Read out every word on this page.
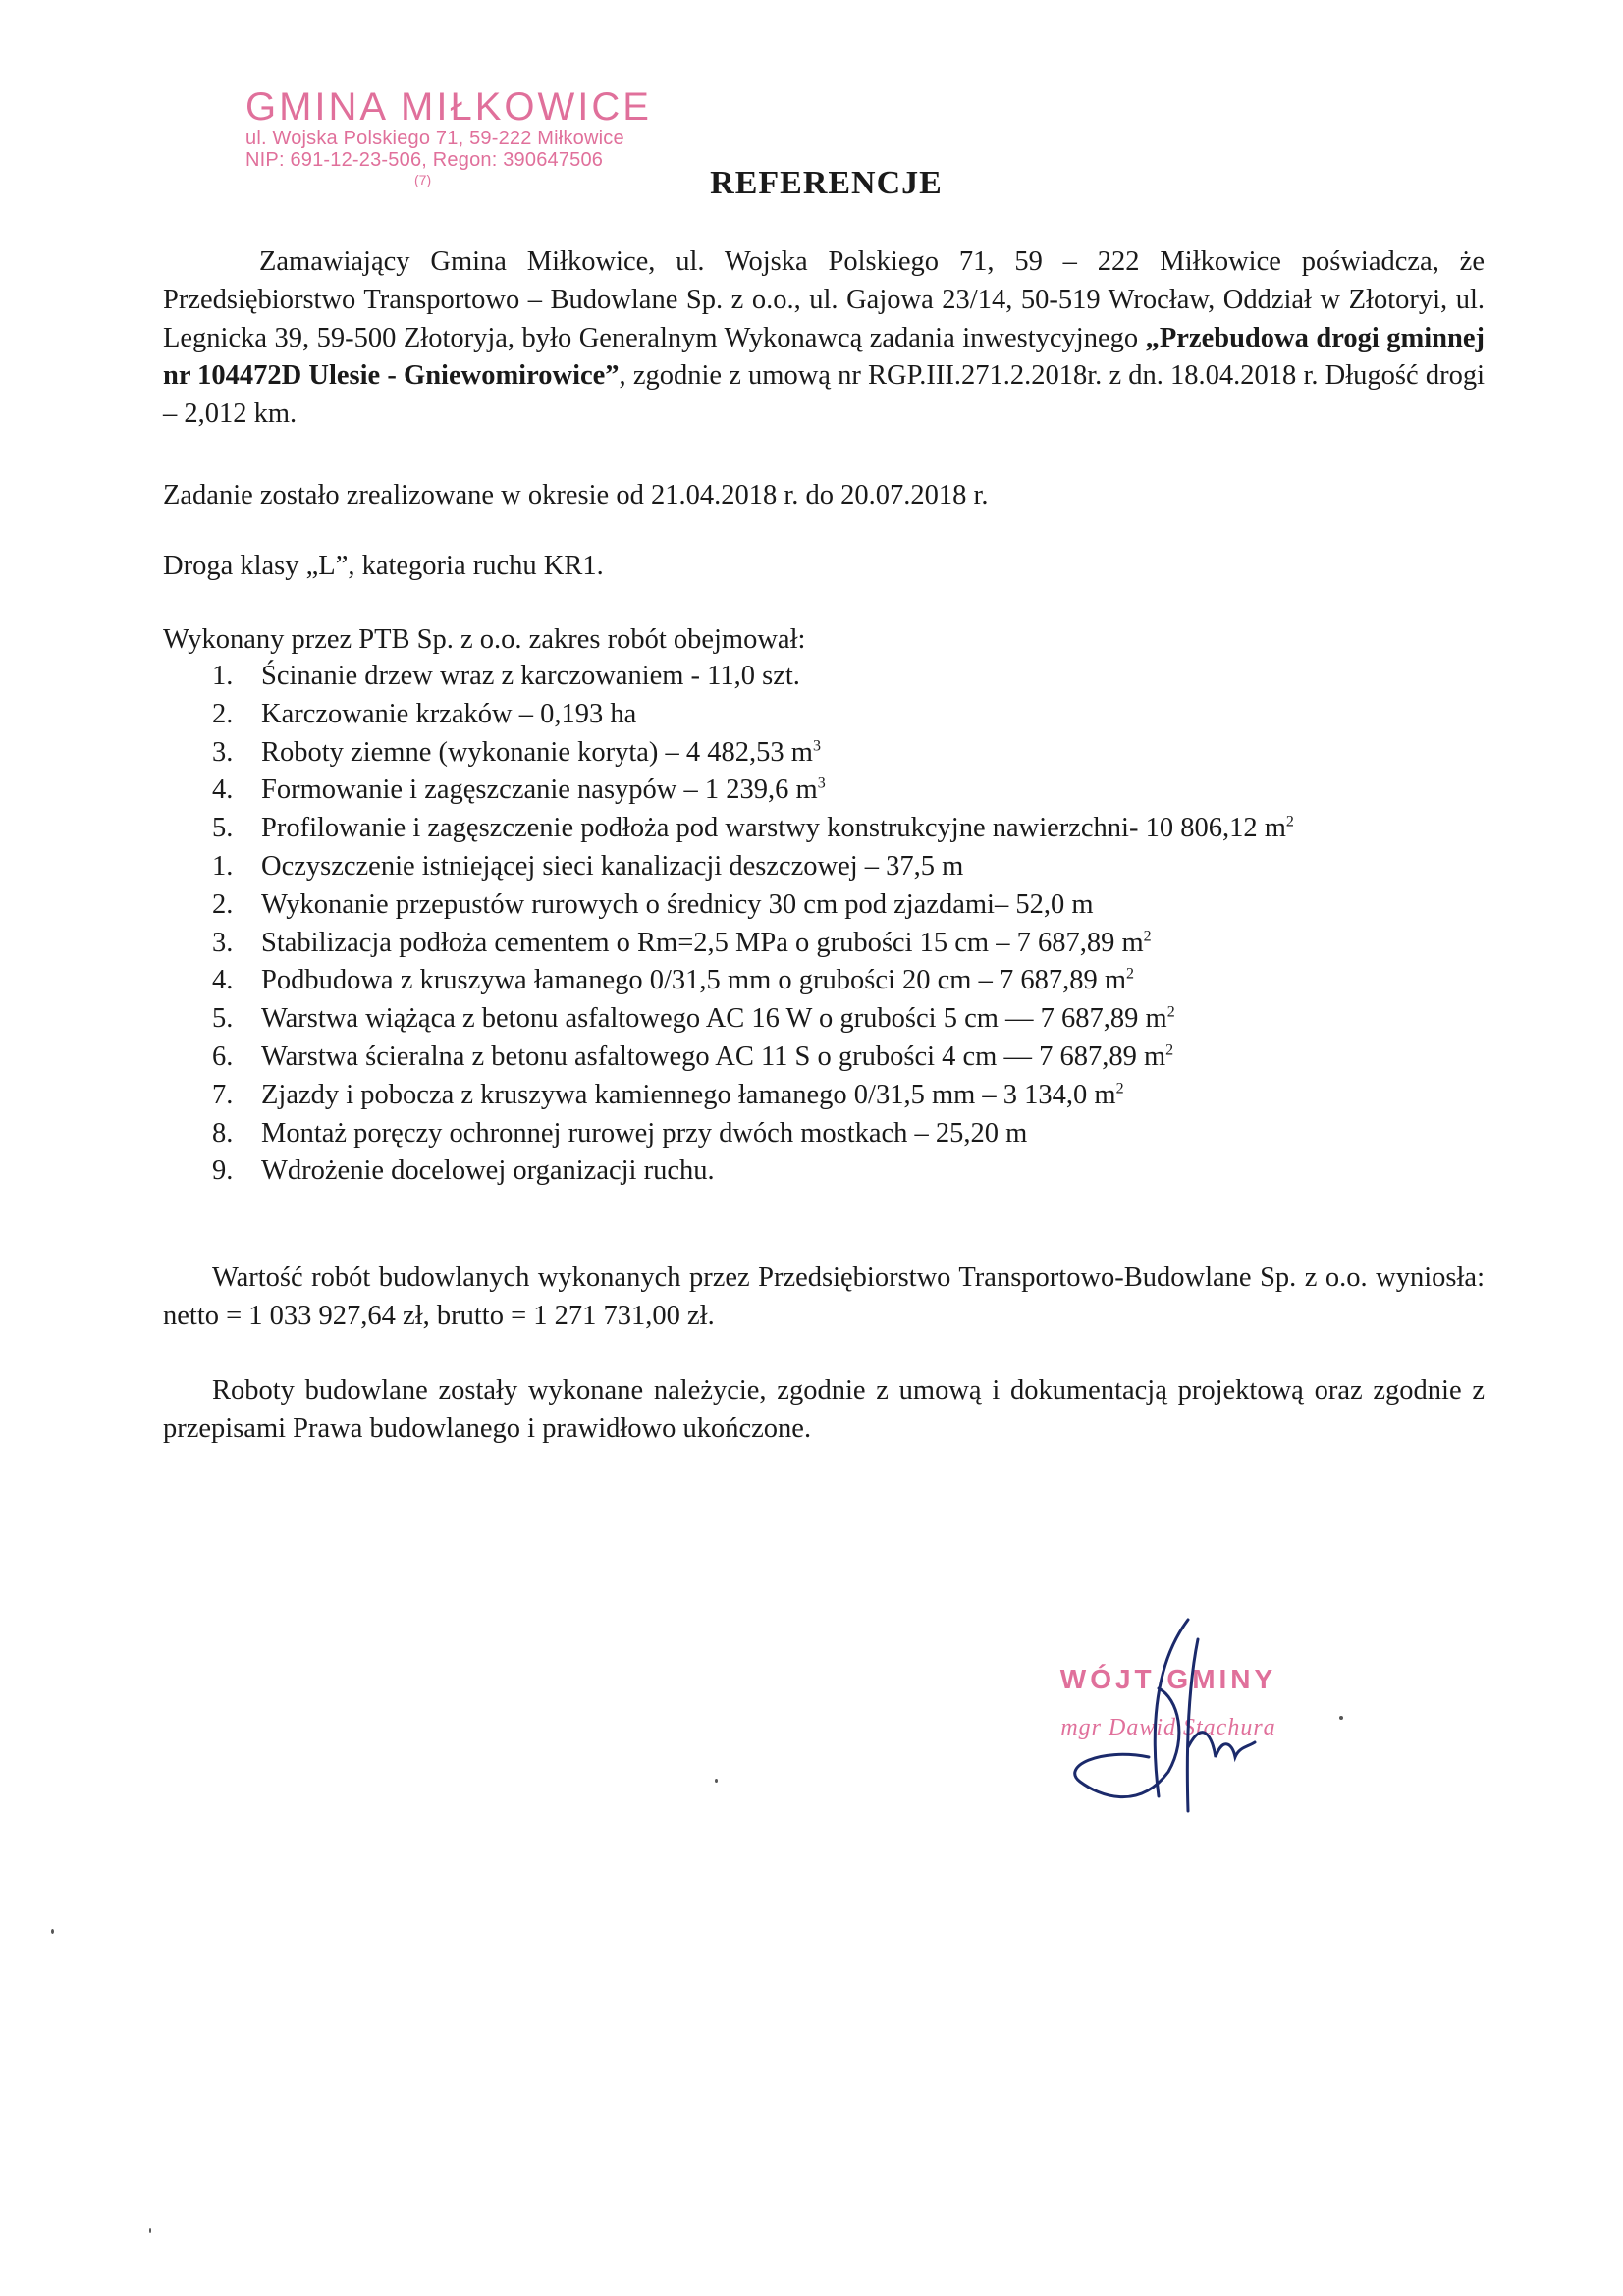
GMINA MIŁKOWICE
ul. Wojska Polskiego 71, 59-222 Miłkowice
NIP: 691-12-23-506, Regon: 390647506
(7)	REFERENCJE
Zamawiający Gmina Miłkowice, ul. Wojska Polskiego 71, 59 – 222 Miłkowice poświadcza, że Przedsiębiorstwo Transportowo – Budowlane Sp. z o.o., ul. Gajowa 23/14, 50-519 Wrocław, Oddział w Złotoryi, ul. Legnicka 39, 59-500 Złotoryja, było Generalnym Wykonawcą zadania inwestycyjnego „Przebudowa drogi gminnej nr 104472D Ulesie - Gniewomirowice”, zgodnie z umową nr RGP.III.271.2.2018r. z dn. 18.04.2018 r. Długość drogi – 2,012 km.
Zadanie zostało zrealizowane w okresie od 21.04.2018 r. do 20.07.2018 r.
Droga klasy „L”, kategoria ruchu KR1.
Wykonany przez PTB Sp. z o.o. zakres robót obejmował:
1. Ścinanie drzew wraz z karczowaniem - 11,0 szt.
2. Karczowanie krzaków – 0,193 ha
3. Roboty ziemne (wykonanie koryta) – 4 482,53 $m^3$
4. Formowanie i zagęszczanie nasypów – 1 239,6 $m^3$
5. Profilowanie i zagęszczenie podłoża pod warstwy konstrukcyjne nawierzchni- 10 806,12 $m^2$
1. Oczyszczenie istniejącej sieci kanalizacji deszczowej – 37,5 m
2. Wykonanie przepustów rurowych o średnicy 30 cm pod zjazdami– 52,0 m
3. Stabilizacja podłoża cementem o Rm=2,5 MPa o grubości 15 cm – 7 687,89 $m^2$
4. Podbudowa z kruszywa łamanego 0/31,5 mm o grubości 20 cm – 7 687,89 $m^2$
5. Warstwa wiążąca z betonu asfaltowego AC 16 W o grubości 5 cm — 7 687,89 $m^2$
6. Warstwa ścieralna z betonu asfaltowego AC 11 S o grubości 4 cm — 7 687,89 $m^2$
7. Zjazdy i pobocza z kruszywa kamiennego łamanego 0/31,5 mm – 3 134,0 $m^2$
8. Montaż poręczy ochronnej rurowej przy dwóch mostkach – 25,20 m
9. Wdrożenie docelowej organizacji ruchu.
Wartość robót budowlanych wykonanych przez Przedsiębiorstwo Transportowo-Budowlane Sp. z o.o. wyniosła: netto = 1 033 927,64 zł, brutto = 1 271 731,00 zł.
Roboty budowlane zostały wykonane należycie, zgodnie z umową i dokumentacją projektową oraz zgodnie z przepisami Prawa budowlanego i prawidłowo ukończone.
WÓJT GMINY
mgr Dawid Stachura
